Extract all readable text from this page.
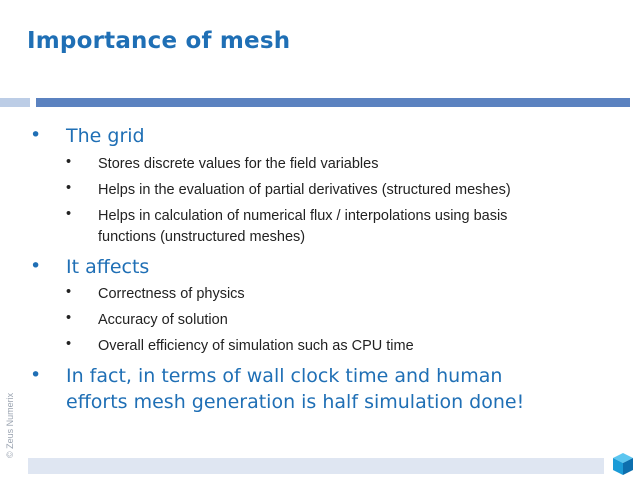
Importance of mesh
•	The grid
• Stores discrete values for the field variables
• Helps in the evaluation of partial derivatives (structured meshes)
• Helps in calculation of numerical flux / interpolations using basis
functions (unstructured meshes)
•	It affects
• Correctness of physics
• Accuracy of solution
• Overall efficiency of simulation such as CPU time
•	In fact, in terms of wall clock time and human
efforts mesh generation is half simulation done!
© Zeus Numerix
